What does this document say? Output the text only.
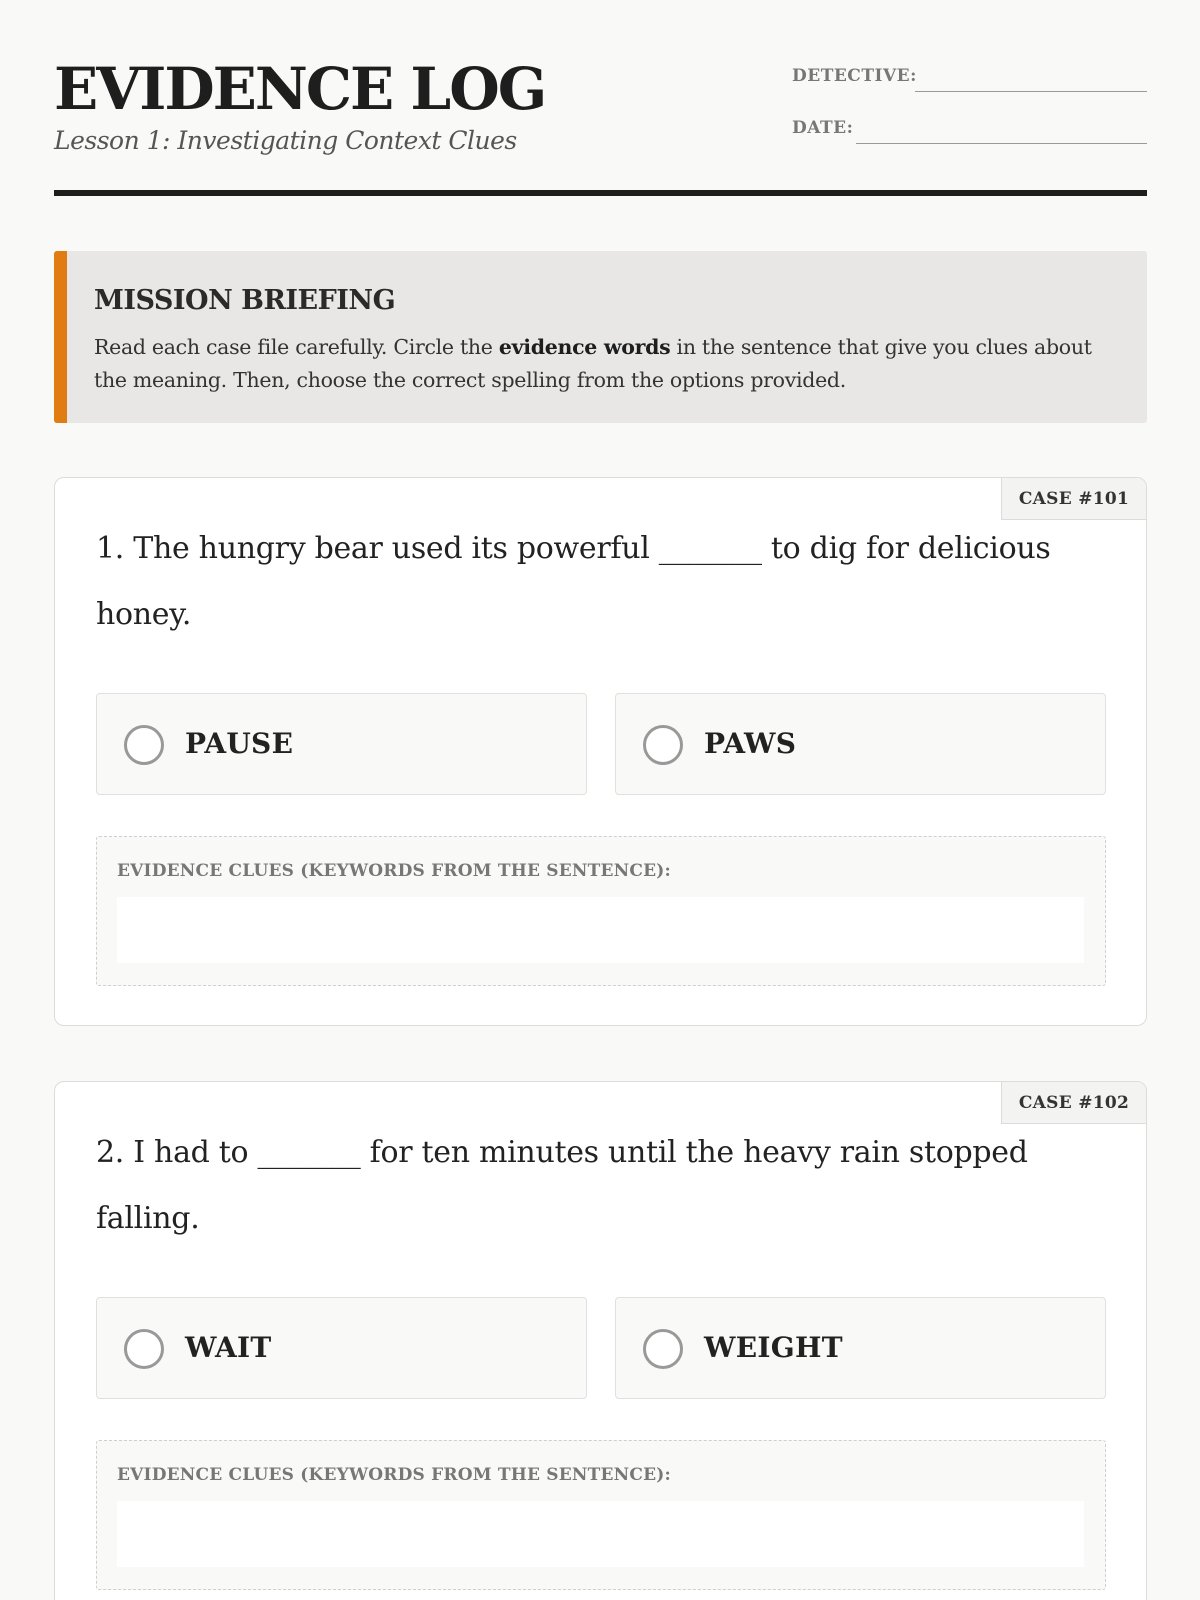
EVIDENCE LOG
Lesson 1: Investigating Context Clues
DETECTIVE:
DATE:
MISSION BRIEFING
Read each case file carefully. Circle the evidence words in the sentence that give you clues about the meaning. Then, choose the correct spelling from the options provided.
CASE #101
1. The hungry bear used its powerful _______ to dig for delicious honey.
PAUSE	PAWS
EVIDENCE CLUES (KEYWORDS FROM THE SENTENCE):
CASE #102
2. I had to _______ for ten minutes until the heavy rain stopped falling.
WAIT	WEIGHT
EVIDENCE CLUES (KEYWORDS FROM THE SENTENCE):
